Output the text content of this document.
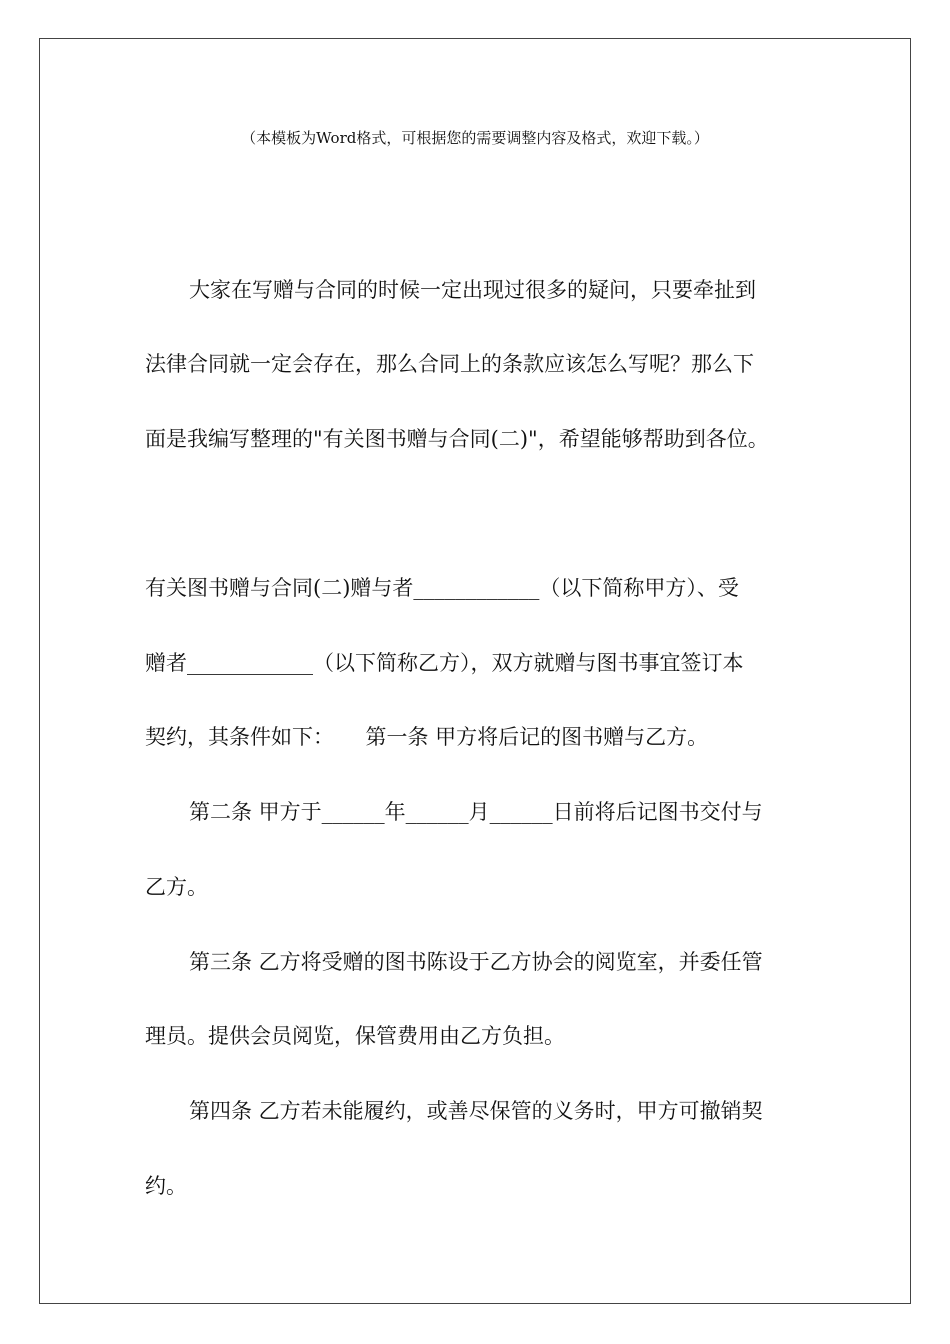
（本模板为Word格式，可根据您的需要调整内容及格式，欢迎下载。）
大家在写赠与合同的时候一定出现过很多的疑问，只要牵扯到
法律合同就一定会存在，那么合同上的条款应该怎么写呢？那么下
面是我编写整理的"有关图书赠与合同(二)"，希望能够帮助到各位。
有关图书赠与合同(二)赠与者____________（以下简称甲方）、受
赠者____________（以下简称乙方），双方就赠与图书事宜签订本
契约，其条件如下：　　第一条 甲方将后记的图书赠与乙方。
第二条 甲方于______年______月______日前将后记图书交付与
乙方。
第三条 乙方将受赠的图书陈设于乙方协会的阅览室，并委任管
理员。提供会员阅览，保管费用由乙方负担。
第四条 乙方若未能履约，或善尽保管的义务时，甲方可撤销契
约。
